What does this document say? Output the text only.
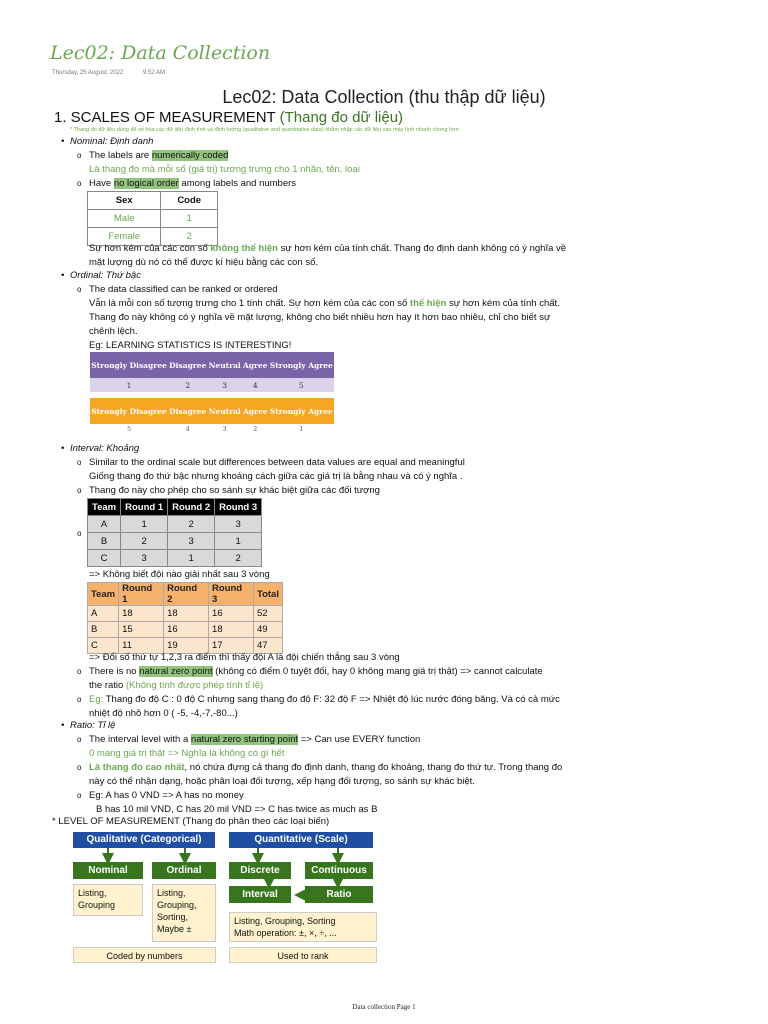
Lec02: Data Collection
Thursday, 25 August, 2022	9:52 AM
Lec02: Data Collection (thu thập dữ liệu)
1. SCALES OF MEASUREMENT (Thang đo dữ liệu)
* Thang đo dữ liệu dùng để số hóa các dữ liệu định tính và định lượng (qualitative and quantitative data) nhằm nhập các dữ liệu vào máy tính nhanh chóng hơn
• Nominal: Định danh
o The labels are numerically coded
Là thang đo mà mỗi số (giá trị) tương trưng cho 1 nhãn, tên, loại
o Have no logical order among labels and numbers
Sex	Code
Male	1
Female	2
Sự hơn kém của các con số không thể hiện sự hơn kém của tính chất. Thang đo định danh không có ý nghĩa về
mặt lượng dù nó có thể được kí hiệu bằng các con số.
• Ordinal: Thứ bậc
o The data classified can be ranked or ordered
Vẫn là mỗi con số tượng trưng cho 1 tính chất. Sự hơn kém của các con số thể hiện sự hơn kém của tính chất.
Thang đo này không có ý nghĩa về mặt lượng, không cho biết nhiều hơn hay ít hơn bao nhiêu, chỉ cho biết sự
chênh lệch.
Eg: LEARNING STATISTICS IS INTERESTING!
Strongly Disagree	Disagree	Neutral	Agree	Strongly Agree
1	2	3	4	5
Strongly Disagree	Disagree	Neutral	Agree	Strongly Agree
5	4	3	2	1
• Interval: Khoảng
o Similar to the ordinal scale but differences between data values are equal and meaningful
Giống thang đo thứ bậc nhưng khoảng cách giữa các giá trị là bằng nhau và có ý nghĩa .
o Thang đo này cho phép cho so sánh sự khác biệt giữa các đối tượng
o
Team	Round 1	Round 2	Round 3
A	1	2	3
B	2	3	1
C	3	1	2
=> Không biết đội nào giải nhất sau 3 vòng
Team	Round 1	Round 2	Round 3	Total
A	18	18	16	52
B	15	16	18	49
C	11	19	17	47
=> Đổi số thứ tự 1,2,3 ra điểm thì thấy đội A là đội chiến thắng sau 3 vòng
o There is no natural zero point (không có điểm 0 tuyệt đối, hay 0 không mang giá trị thật) => cannot calculate
the ratio (Không tính được phép tính tỉ lệ)
o Eg: Thang đo độ C : 0 độ C nhưng sang thang đo độ F: 32 độ F => Nhiệt độ lúc nước đóng băng. Và có cả mức
nhiệt độ nhỏ hơn 0 ( -5, -4,-7,-80...)
• Ratio: Tỉ lệ
o The interval level with a natural zero starting point => Can use EVERY function
0 mang giá trị thật => Nghĩa là không có gì hết
o Là thang đo cao nhất, nó chứa đựng cả thang đo định danh, thang đo khoảng, thang đo thứ tự. Trong thang đo
này có thể nhận dạng, hoặc phân loại đối tượng, xếp hạng đối tượng, so sánh sự khác biệt.
o Eg: A has 0 VND => A has no money
B has 10 mil VND, C has 20 mil VND => C has twice as much as B
* LEVEL OF MEASUREMENT (Thang đo phân theo các loại biến)
Qualitative (Categorical)	Quantitative (Scale)
Nominal	Ordinal	Discrete	Continuous
Interval	Ratio
Listing,
Grouping
Listing,
Grouping,
Sorting,
Maybe ±
Listing, Grouping, Sorting
Math operation: ±, ×, ÷, ...
Coded by numbers	Used to rank
Data collection Page 1
